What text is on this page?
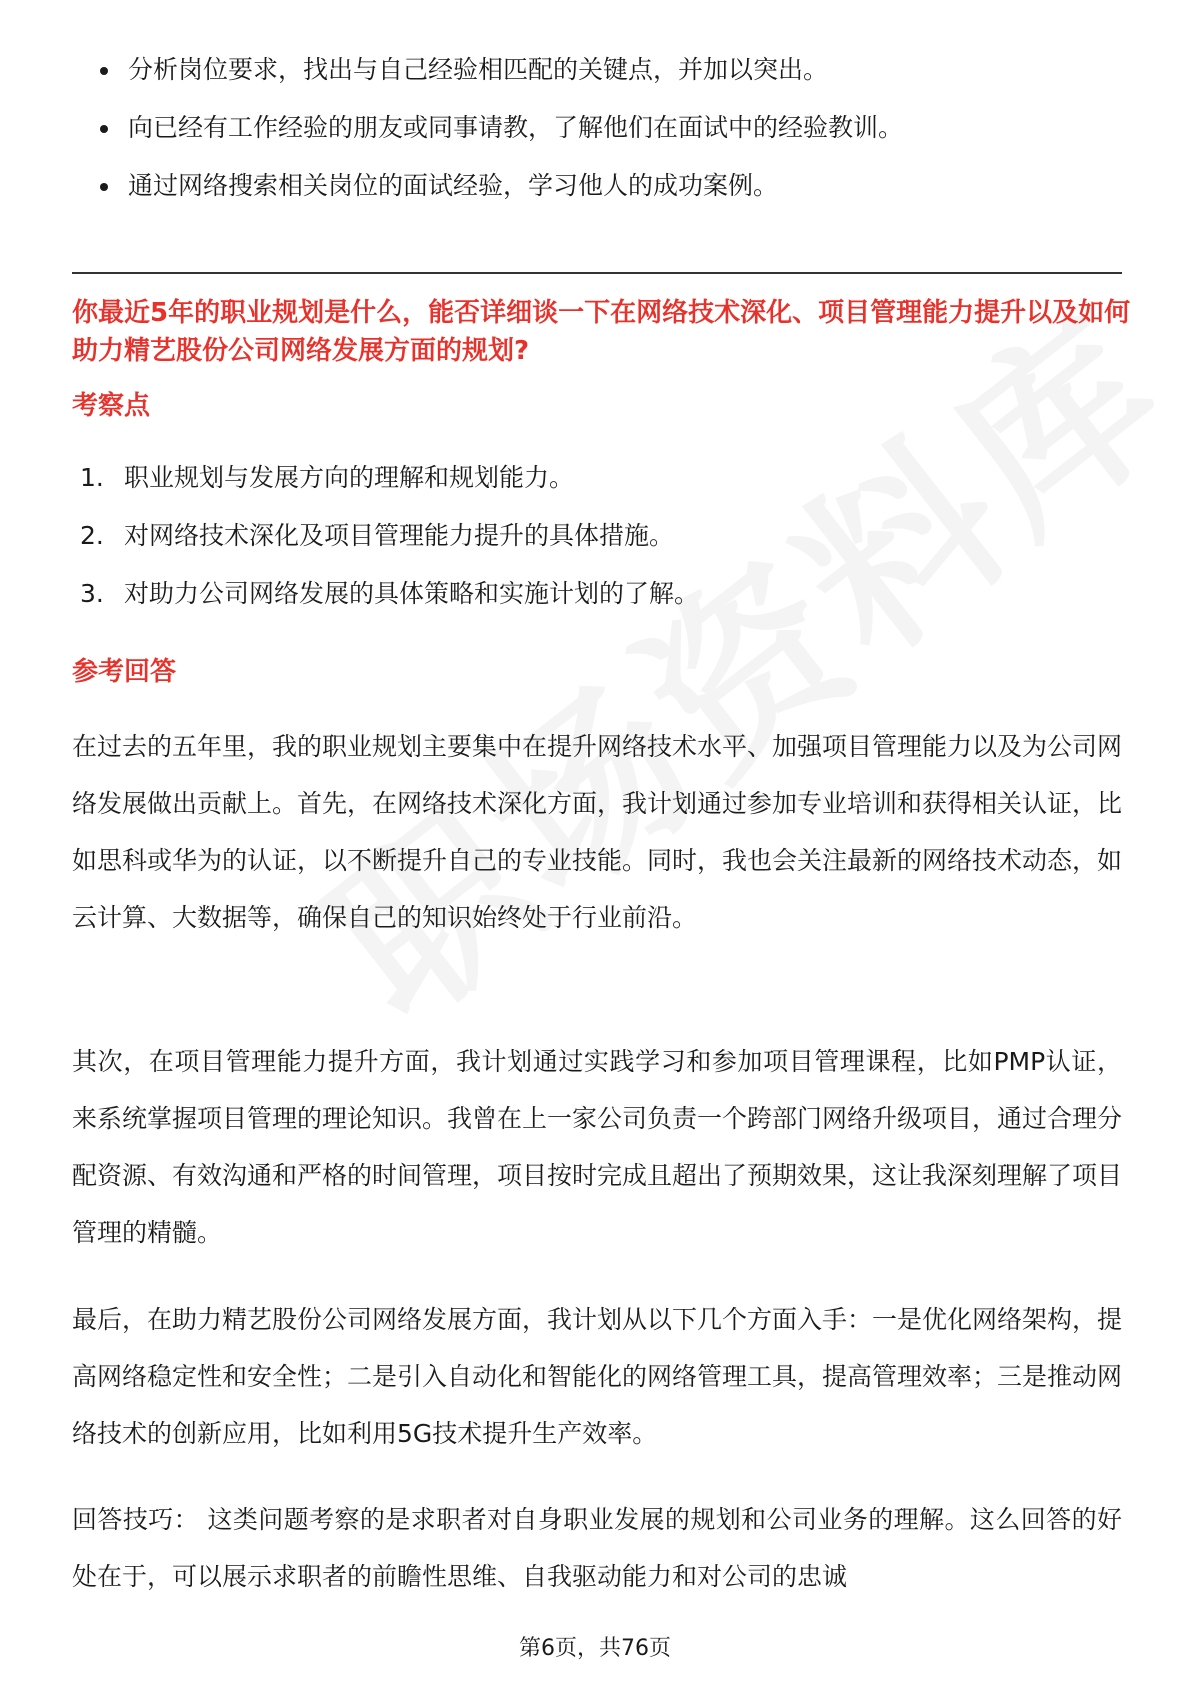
分析岗位要求，找出与自己经验相匹配的关键点，并加以突出。
向已经有工作经验的朋友或同事请教，了解他们在面试中的经验教训。
通过网络搜索相关岗位的面试经验，学习他人的成功案例。

你最近5年的职业规划是什么，能否详细谈一下在网络技术深化、项目管理能力提升以及如何助力精艺股份公司网络发展方面的规划?

考察点
1. 职业规划与发展方向的理解和规划能力。
2. 对网络技术深化及项目管理能力提升的具体措施。
3. 对助力公司网络发展的具体策略和实施计划的了解。
参考回答

在过去的五年里，我的职业规划主要集中在提升网络技术水平、加强项目管理能力以及为公司网络发展做出贡献上。首先，在网络技术深化方面，我计划通过参加专业培训和获得相关认证，比如思科或华为的认证，以不断提升自己的专业技能。同时，我也会关注最新的网络技术动态，如云计算、大数据等，确保自己的知识始终处于行业前沿。

其次，在项目管理能力提升方面，我计划通过实践学习和参加项目管理课程，比如PMP认证，来系统掌握项目管理的理论知识。我曾在上一家公司负责一个跨部门网络升级项目，通过合理分配资源、有效沟通和严格的时间管理，项目按时完成且超出了预期效果，这让我深刻理解了项目管理的精髓。

最后，在助力精艺股份公司网络发展方面，我计划从以下几个方面入手：一是优化网络架构，提高网络稳定性和安全性；二是引入自动化和智能化的网络管理工具，提高管理效率；三是推动网络技术的创新应用，比如利用5G技术提升生产效率。

回答技巧： 这类问题考察的是求职者对自身职业发展的规划和公司业务的理解。这么回答的好处在于，可以展示求职者的前瞻性思维、自我驱动能力和对公司的忠诚

第6页，共76页
